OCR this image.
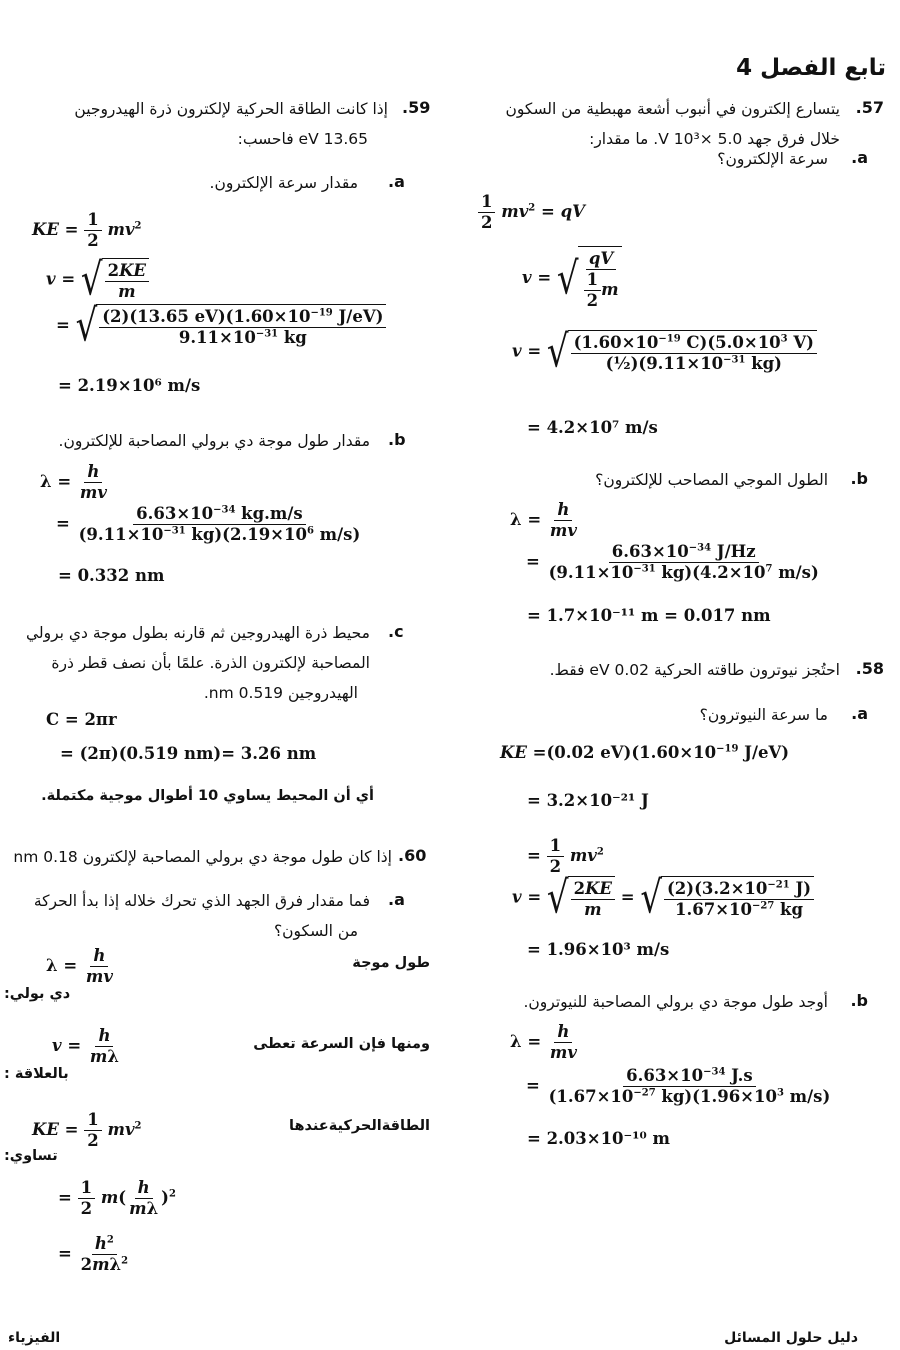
تابع الفصل 4
.57
يتسارع إلكترون في أنبوب أشعة مهبطية من السكون
خلال فرق جهد 5.0 ×10³ V. ما مقدار:
.a
سرعة الإلكترون؟
$\frac{1}{2} mv^2$ = qV
v = √ $\frac{qV}{\frac{1}{2} m}$
v = √ $\frac{(1.60\times 10^{-19} C)(5.0\times 10^3 V)}{(\frac{1}{2})(9.11\times 10^{-31} kg)}$
= 4.2×10⁷ m/s
.b
الطول الموجي المصاحب للإلكترون؟
$\lambda = \frac{h}{mv}$
= $\frac{6.63\times 10^{-34} J/Hz}{(9.11\times 10^{-31} kg)(4.2\times 10^7 m/s)}$
= 1.7×10⁻¹¹ m = 0.017 nm
.58
احتُجز نيوترون طاقته الحركية 0.02 eV فقط.
.a
ما سرعة النيوترون؟
KE =(0.02 $eV)(1.60\times 10^{-19}$ J/eV)
= 3.2×10⁻²¹ J
= $\frac{1}{2} mv^2$
v = √ $\frac{2KE}{m}$ = √ $\frac{(2)(3.2\times 10^{-21} J)}{1.67\times 10^{-27} kg}$
= 1.96×10³ m/s
.b
أوجد طول موجة دي برولي المصاحبة للنيوترون.
$\lambda = \frac{h}{mv}$
= $\frac{6.63\times 10^{-34} J.s}{(1.67\times 10^{-27} kg)(1.96\times 10^3 m/s)}$
= 2.03×10⁻¹⁰ m
.59
إذا كانت الطاقة الحركية لإلكترون ذرة الهيدروجين
13.65 eV فاحسب:
.a
مقدار سرعة الإلكترون.
KE = $\frac{1}{2} mv^2$
v = √ $\frac{2KE}{m}$
= √ $\frac{(2)(13.65 eV)(1.60\times 10^{-19} J/eV)}{9.11\times 10^{-31} kg}$
= 2.19×10⁶ m/s
.b
مقدار طول موجة دي برولي المصاحبة للإلكترون.
$\lambda = \frac{h}{mv}$
= $\frac{6.63\times 10^{-34} kg.m/s}{(9.11\times 10^{-31} kg)(2.19\times 10^6 m/s)}$
= 0.332 nm
.c
محيط ذرة الهيدروجين ثم قارنه بطول موجة دي برولي
المصاحبة لإلكترون الذرة. علمًا بأن نصف قطر ذرة
الهيدروجين 0.519 nm.
C = 2πr
= (2π)(0.519 nm)= 3.26 nm
أي أن المحيط يساوي 10 أطوال موجية مكتملة.
.60
إذا كان طول موجة دي برولي المصاحبة لإلكترون 0.18 nm
.a
فما مقدار فرق الجهد الذي تحرك خلاله إذا بدأ الحركة
من السكون؟
$\lambda = \frac{h}{mv}$	طول موجة
دي بولي:
$v = \frac{h}{m\lambda}$	ومنها فإن السرعة تعطى
بالعلاقة :
KE = $\frac{1}{2} mv^2$	الطاقةالحركيةعندها
تساوي:
= $\frac{1}{2} m( \frac{h}{m\lambda} )^2$
= $\frac{h^2}{2m\lambda^2}$
الفيزياء	دليل حلول المسائل
